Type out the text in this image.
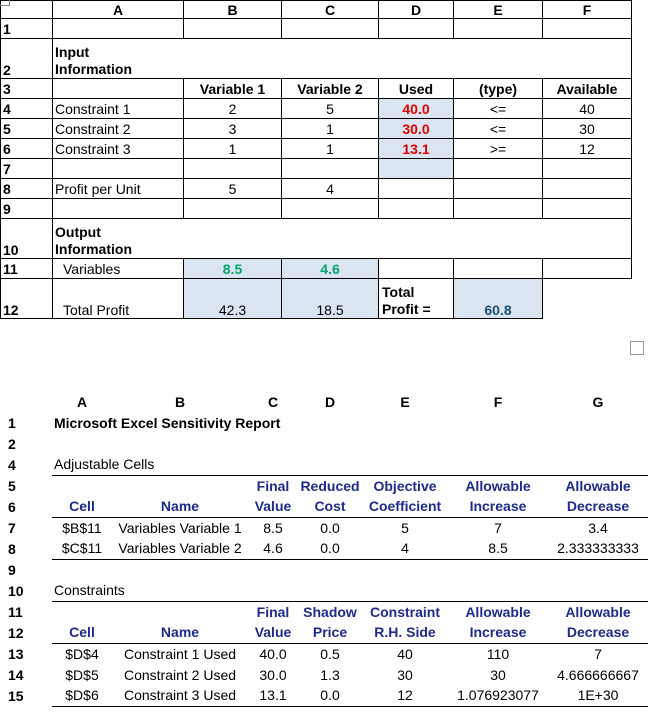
	A	B	C	D	E	F
1						
2	Input Information					

3		Variable 1	Variable 2	Used	(type)	Available
4	Constraint 1	2	5	40.0	<=	40
5	Constraint 2	3	1	30.0	<=	30
6	Constraint 3	1	1	13.1	>=	12
7						
8	Profit per Unit	5	4			
9						
10	Output Information					

11	Variables	8.5	4.6			
12	Total Profit	42.3	18.5	Total Profit =	60.8	
	A	B	C	D	E	F	G
1	Microsoft Excel Sensitivity Report						
2							
4	Adjustable Cells						
5			Final	Reduced	Objective	Allowable	Allowable
6	Cell	Name	Value	Cost	Coefficient	Increase	Decrease
7	$B$11	Variables Variable 1	8.5	0.0	5	7	3.4
8	$C$11	Variables Variable 2	4.6	0.0	4	8.5	2.333333333
9							
10	Constraints						
11			Final	Shadow	Constraint	Allowable	Allowable
12	Cell	Name	Value	Price	R.H. Side	Increase	Decrease
13	$D$4	Constraint 1 Used	40.0	0.5	40	110	7
14	$D$5	Constraint 2 Used	30.0	1.3	30	30	4.666666667
15	$D$6	Constraint 3 Used	13.1	0.0	12	1.076923077	1E+30
